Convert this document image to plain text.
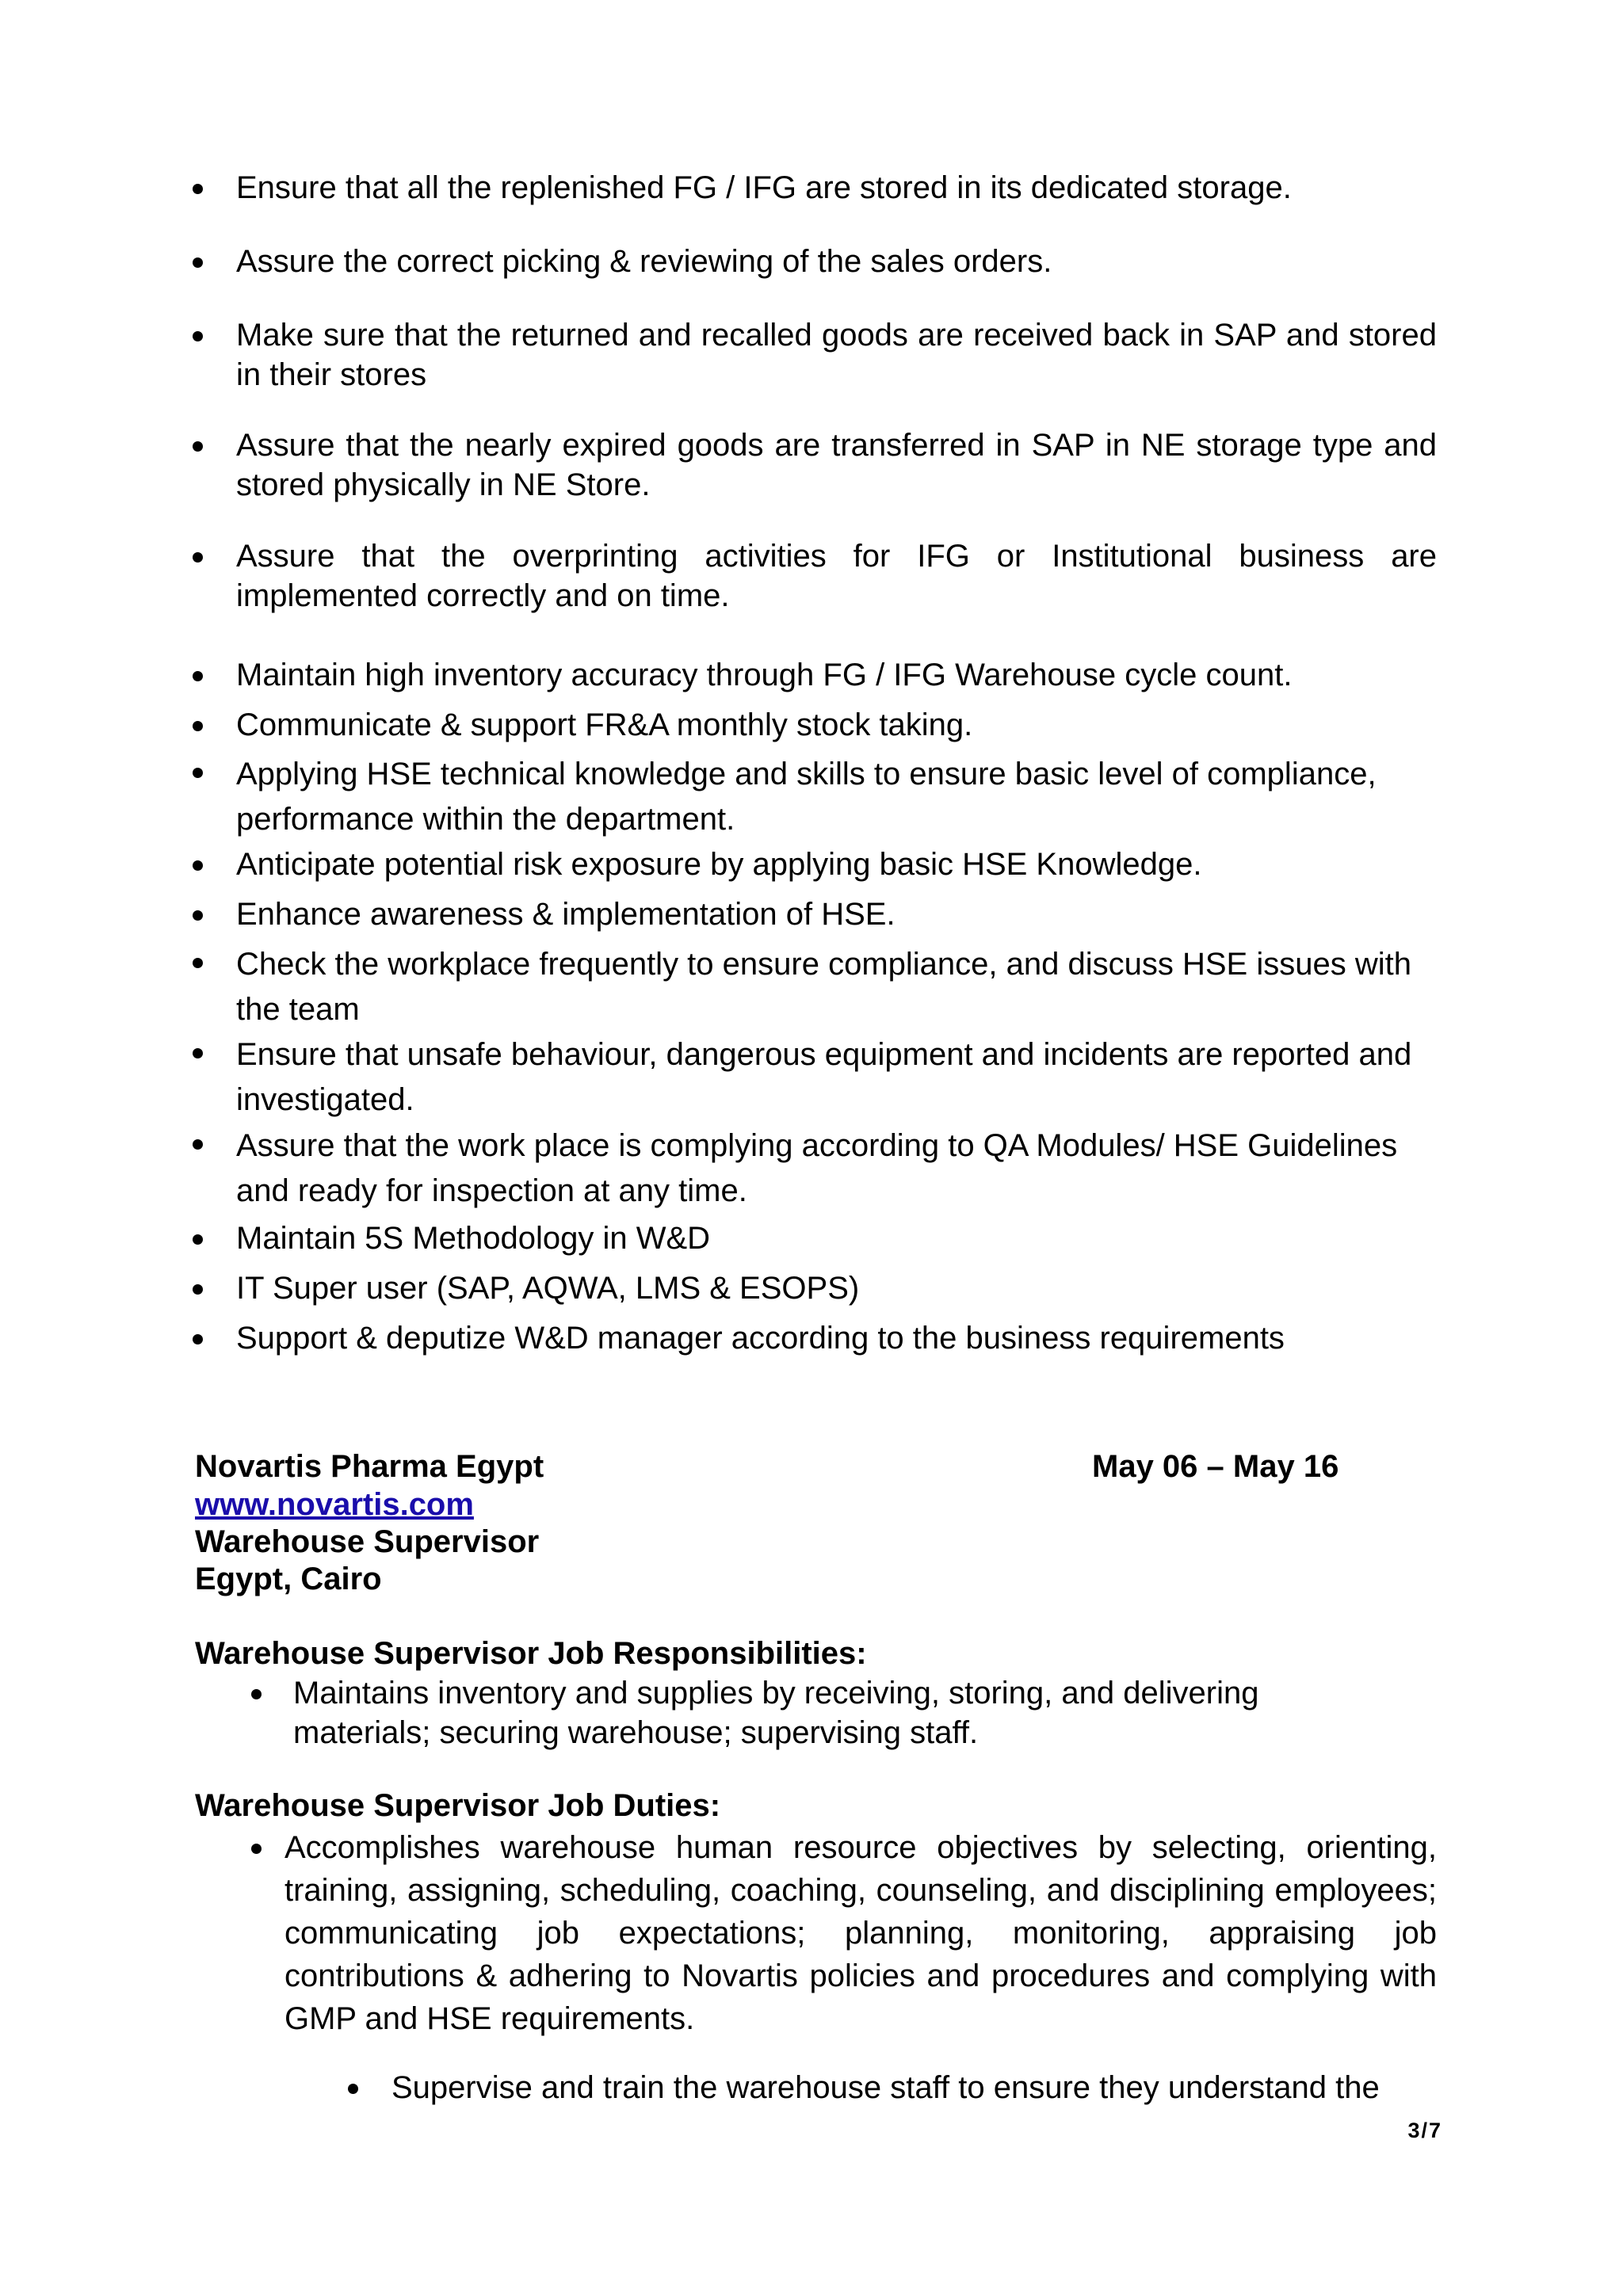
Ensure that all the replenished FG / IFG are stored in its dedicated storage.
Assure the correct picking & reviewing of the sales orders.
Make sure that the returned and recalled goods are received back in SAP and stored in their stores
Assure that the nearly expired goods are transferred in SAP in NE storage type and stored physically in NE Store.
Assure that the overprinting activities for IFG or Institutional business are implemented correctly and on time.
Maintain high inventory accuracy through FG / IFG Warehouse cycle count.
Communicate & support FR&A monthly stock taking.
Applying HSE technical knowledge and skills to ensure basic level of compliance, performance within the department.
Anticipate potential risk exposure by applying basic HSE Knowledge.
Enhance awareness & implementation of HSE.
Check the workplace frequently to ensure compliance, and discuss HSE issues with the team
Ensure that unsafe behaviour, dangerous equipment and incidents are reported and investigated.
Assure that the work place is complying according to QA Modules/ HSE Guidelines and ready for inspection at any time.
Maintain 5S Methodology in W&D
IT Super user (SAP, AQWA, LMS & ESOPS)
Support & deputize W&D manager according to the business requirements
Novartis Pharma Egypt	May 06 – May 16
www.novartis.com
Warehouse Supervisor
Egypt, Cairo
Warehouse Supervisor Job Responsibilities:
Maintains inventory and supplies by receiving, storing, and delivering materials; securing warehouse; supervising staff.
Warehouse Supervisor Job Duties:
Accomplishes warehouse human resource objectives by selecting, orienting, training, assigning, scheduling, coaching, counseling, and disciplining employees; communicating job expectations; planning, monitoring, appraising job contributions & adhering to Novartis policies and procedures and complying with GMP and HSE requirements.
Supervise and train the warehouse staff to ensure they understand the
3/7
